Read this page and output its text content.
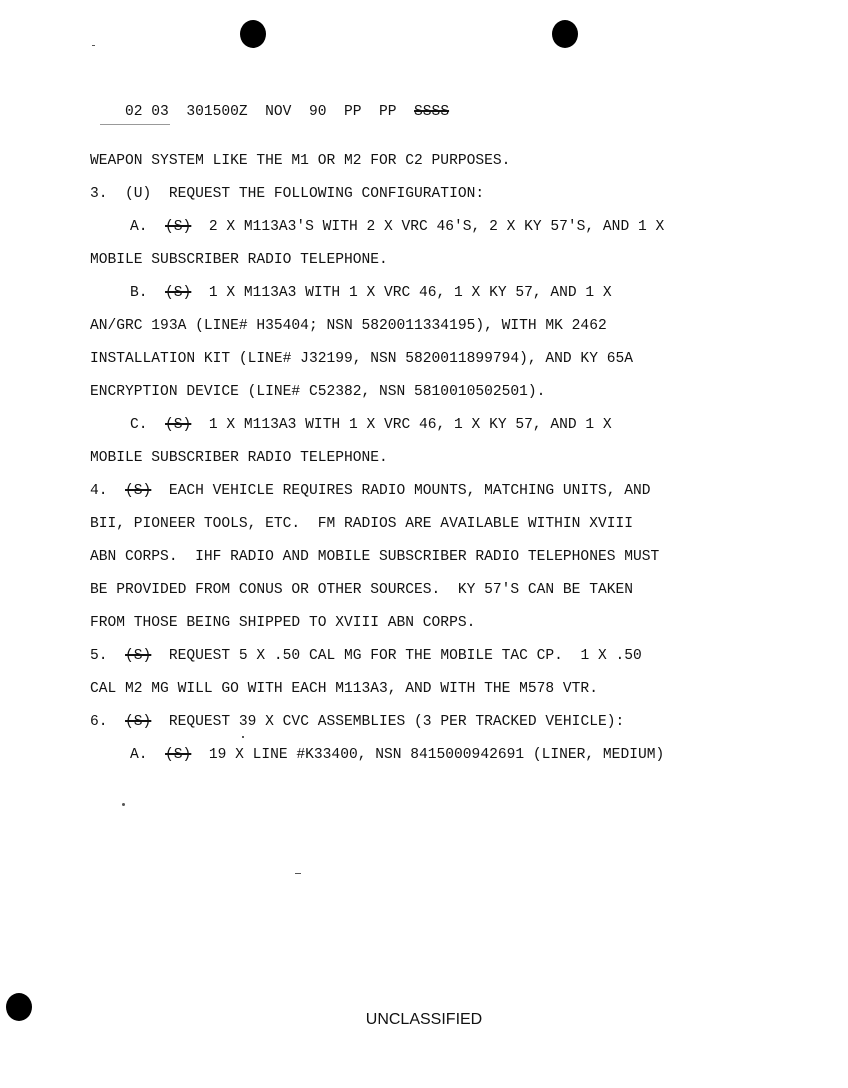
02 03  301500Z  NOV  90  PP  PP SSSS

WEAPON SYSTEM LIKE THE M1 OR M2 FOR C2 PURPOSES.
3.  (U)  REQUEST THE FOLLOWING CONFIGURATION:
A. (S) 2 X M113A3'S WITH 2 X VRC 46'S, 2 X KY 57'S, AND 1 X
MOBILE SUBSCRIBER RADIO TELEPHONE.
B. (S) 1 X M113A3 WITH 1 X VRC 46, 1 X KY 57, AND 1 X
AN/GRC 193A (LINE# H35404; NSN 5820011334195), WITH MK 2462
INSTALLATION KIT (LINE# J32199, NSN 5820011899794), AND KY 65A
ENCRYPTION DEVICE (LINE# C52382, NSN 5810010502501).
C. (S) 1 X M113A3 WITH 1 X VRC 46, 1 X KY 57, AND 1 X
MOBILE SUBSCRIBER RADIO TELEPHONE.
4. (S) EACH VEHICLE REQUIRES RADIO MOUNTS, MATCHING UNITS, AND
BII, PIONEER TOOLS, ETC.  FM RADIOS ARE AVAILABLE WITHIN XVIII
ABN CORPS.  IHF RADIO AND MOBILE SUBSCRIBER RADIO TELEPHONES MUST
BE PROVIDED FROM CONUS OR OTHER SOURCES.  KY 57'S CAN BE TAKEN
FROM THOSE BEING SHIPPED TO XVIII ABN CORPS.
5. (S) REQUEST 5 X .50 CAL MG FOR THE MOBILE TAC CP.  1 X .50
CAL M2 MG WILL GO WITH EACH M113A3, AND WITH THE M578 VTR.
6. (S) REQUEST 39 X CVC ASSEMBLIES (3 PER TRACKED VEHICLE):
A. (S) 19 X LINE #K33400, NSN 8415000942691 (LINER, MEDIUM)
UNCLASSIFIED
